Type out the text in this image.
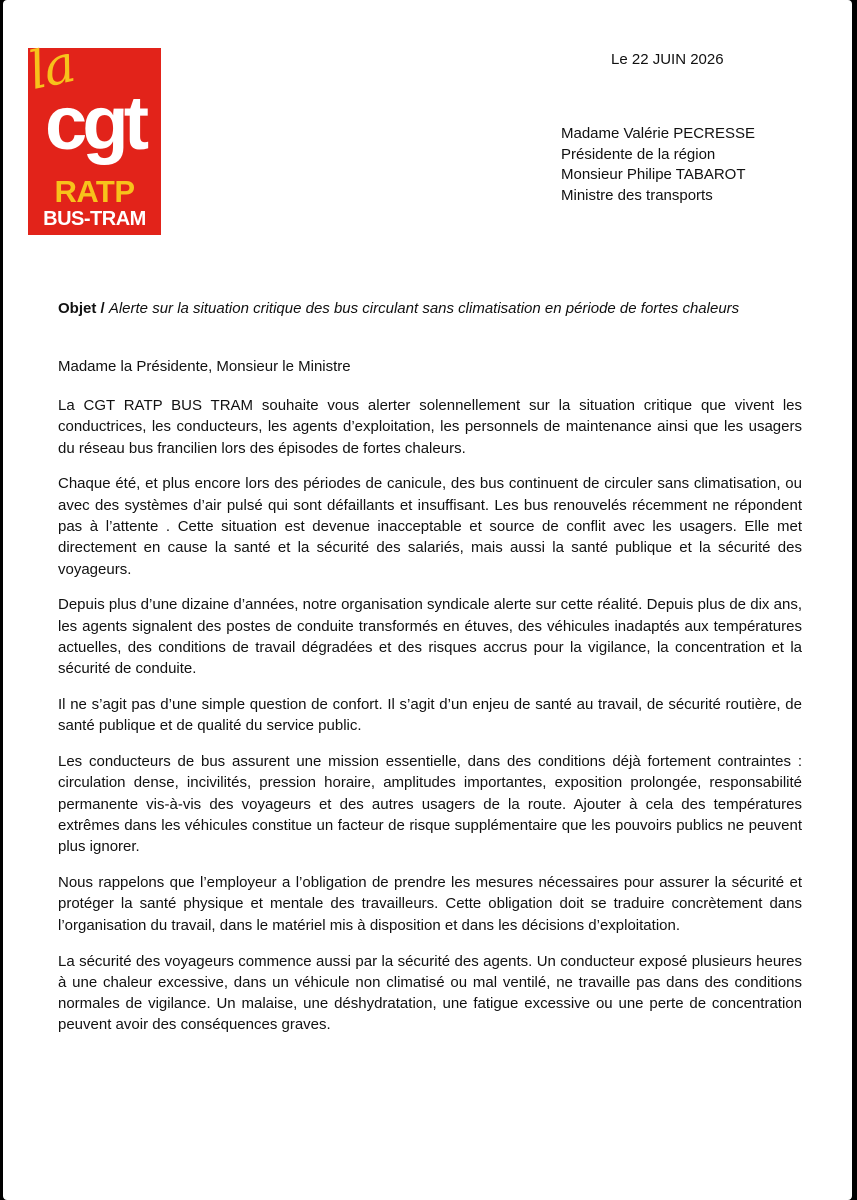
la
cgt
RATP
BUS-TRAM
Le 22 JUIN 2026
Madame Valérie PECRESSE
Présidente de la région
Monsieur Philipe TABAROT
Ministre des transports
Objet / Alerte sur la situation critique des bus circulant sans climatisation en période de fortes chaleurs
Madame la Présidente, Monsieur le Ministre

La CGT RATP BUS TRAM souhaite vous alerter solennellement sur la situation critique que vivent les conductrices, les conducteurs, les agents d’exploitation, les personnels de maintenance ainsi que les usagers du réseau bus francilien lors des épisodes de fortes chaleurs.

Chaque été, et plus encore lors des périodes de canicule, des bus continuent de circuler sans climatisation, ou avec des systèmes d’air pulsé qui sont défaillants et insuffisant. Les bus renouvelés récemment ne répondent pas à l’attente . Cette situation est devenue inacceptable et source de conflit avec les usagers. Elle met directement en cause la santé et la sécurité des salariés, mais aussi la santé publique et la sécurité des voyageurs.

Depuis plus d’une dizaine d’années, notre organisation syndicale alerte sur cette réalité. Depuis plus de dix ans, les agents signalent des postes de conduite transformés en étuves, des véhicules inadaptés aux températures actuelles, des conditions de travail dégradées et des risques accrus pour la vigilance, la concentration et la sécurité de conduite.

Il ne s’agit pas d’une simple question de confort. Il s’agit d’un enjeu de santé au travail, de sécurité routière, de santé publique et de qualité du service public.

Les conducteurs de bus assurent une mission essentielle, dans des conditions déjà fortement contraintes : circulation dense, incivilités, pression horaire, amplitudes importantes, exposition prolongée, responsabilité permanente vis-à-vis des voyageurs et des autres usagers de la route. Ajouter à cela des températures extrêmes dans les véhicules constitue un facteur de risque supplémentaire que les pouvoirs publics ne peuvent plus ignorer.

Nous rappelons que l’employeur a l’obligation de prendre les mesures nécessaires pour assurer la sécurité et protéger la santé physique et mentale des travailleurs. Cette obligation doit se traduire concrètement dans l’organisation du travail, dans le matériel mis à disposition et dans les décisions d’exploitation.

La sécurité des voyageurs commence aussi par la sécurité des agents. Un conducteur exposé plusieurs heures à une chaleur excessive, dans un véhicule non climatisé ou mal ventilé, ne travaille pas dans des conditions normales de vigilance. Un malaise, une déshydratation, une fatigue excessive ou une perte de concentration peuvent avoir des conséquences graves.
